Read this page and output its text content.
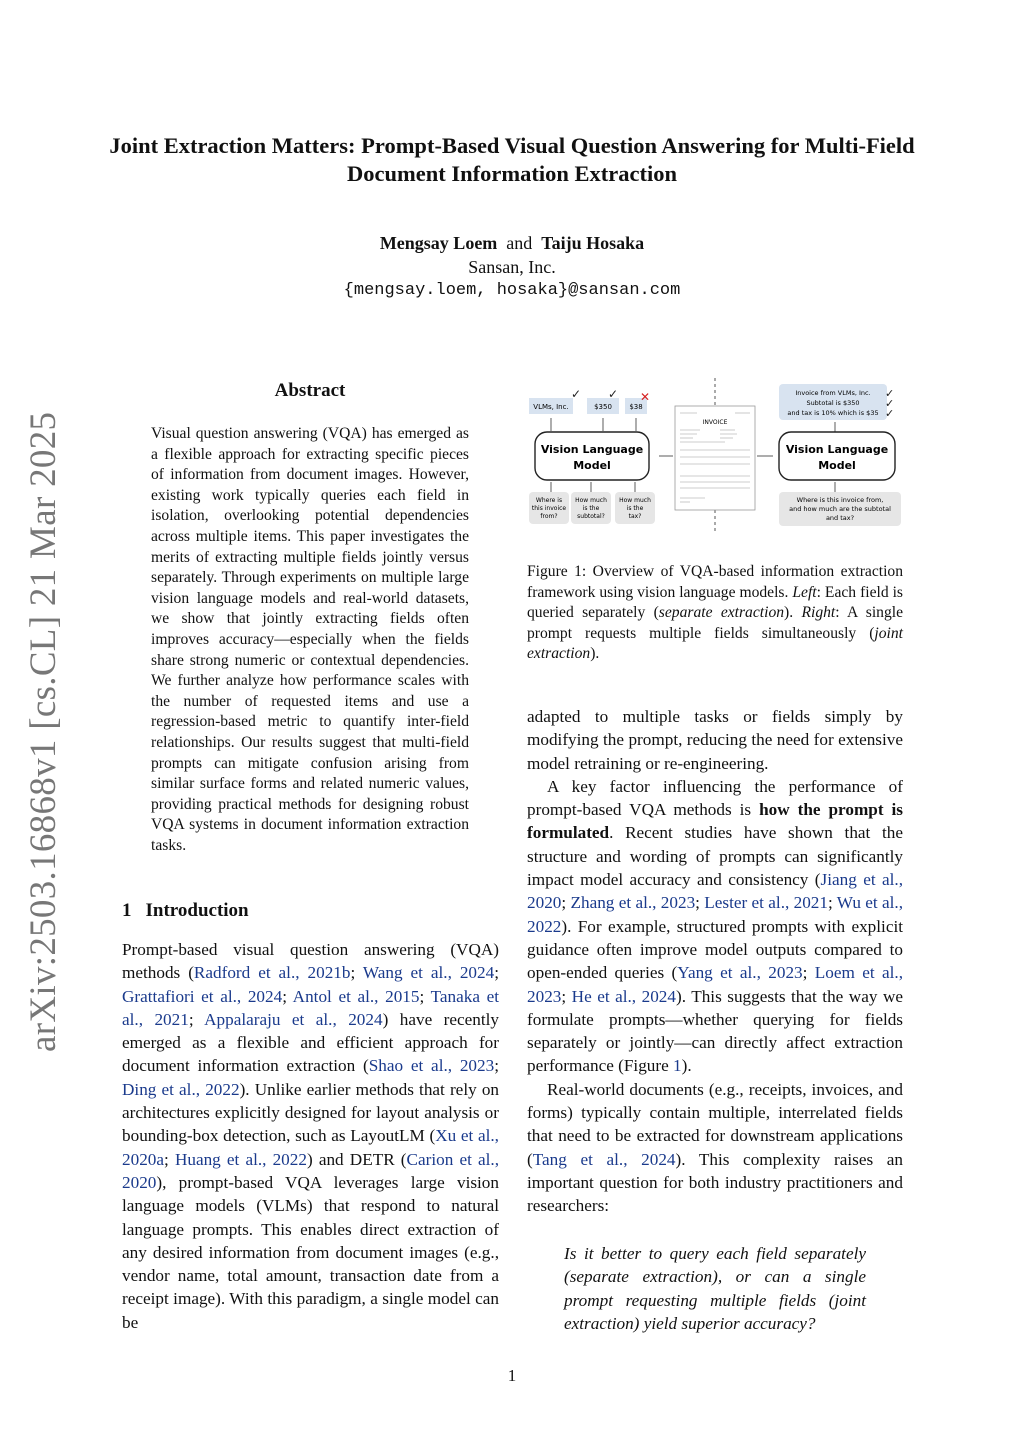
arXiv:2503.16868v1 [cs.CL] 21 Mar 2025
Joint Extraction Matters: Prompt-Based Visual Question Answering for Multi-Field Document Information Extraction
Mengsay Loem and Taiju Hosaka
Sansan, Inc.
{mengsay.loem, hosaka}@sansan.com
Abstract
Visual question answering (VQA) has emerged as a flexible approach for extracting specific pieces of information from document images. However, existing work typically queries each field in isolation, overlooking potential dependencies across multiple items. This paper investigates the merits of extracting multiple fields jointly versus separately. Through experiments on multiple large vision language models and real-world datasets, we show that jointly extracting fields often improves accuracy—especially when the fields share strong numeric or contextual dependencies. We further analyze how performance scales with the number of requested items and use a regression-based metric to quantify inter-field relationships. Our results suggest that multi-field prompts can mitigate confusion arising from similar surface forms and related numeric values, providing practical methods for designing robust VQA systems in document information extraction tasks.
1 Introduction

Prompt-based visual question answering (VQA) methods (Radford et al., 2021b; Wang et al., 2024; Grattafiori et al., 2024; Antol et al., 2015; Tanaka et al., 2021; Appalaraju et al., 2024) have recently emerged as a flexible and efficient approach for document information extraction (Shao et al., 2023; Ding et al., 2022). Unlike earlier methods that rely on architectures explicitly designed for layout analysis or bounding-box detection, such as LayoutLM (Xu et al., 2020a; Huang et al., 2022) and DETR (Carion et al., 2020), prompt-based VQA leverages large vision language models (VLMs) that respond to natural language prompts. This enables direct extraction of any desired information from document images (e.g., vendor name, total amount, transaction date from a receipt image). With this paradigm, a single model can be

VLMs, Inc.	$350 $38
✓ ✓ ✕
Vision Language
Model
Where is
this invoice
from?
How much
is the
subtotal?
How much
is the
tax?
INVOICE
Invoice from VLMs, Inc.
Subtotal is $350
and tax is 10% which is $35
✓
✓
✓
Vision Language
Model
Where is this invoice from,
and how much are the subtotal
and tax?
Figure 1: Overview of VQA-based information extraction framework using vision language models. Left: Each field is queried separately (separate extraction). Right: A single prompt requests multiple fields simultaneously (joint extraction).

adapted to multiple tasks or fields simply by modifying the prompt, reducing the need for extensive model retraining or re-engineering.

A key factor influencing the performance of prompt-based VQA methods is how the prompt is formulated. Recent studies have shown that the structure and wording of prompts can significantly impact model accuracy and consistency (Jiang et al., 2020; Zhang et al., 2023; Lester et al., 2021; Wu et al., 2022). For example, structured prompts with explicit guidance often improve model outputs compared to open-ended queries (Yang et al., 2023; Loem et al., 2023; He et al., 2024). This suggests that the way we formulate prompts—whether querying for fields separately or jointly—can directly affect extraction performance (Figure 1).

Real-world documents (e.g., receipts, invoices, and forms) typically contain multiple, interrelated fields that need to be extracted for downstream applications (Tang et al., 2024). This complexity raises an important question for both industry practitioners and researchers:

Is it better to query each field separately (separate extraction), or can a single prompt requesting multiple fields (joint extraction) yield superior accuracy?
1
